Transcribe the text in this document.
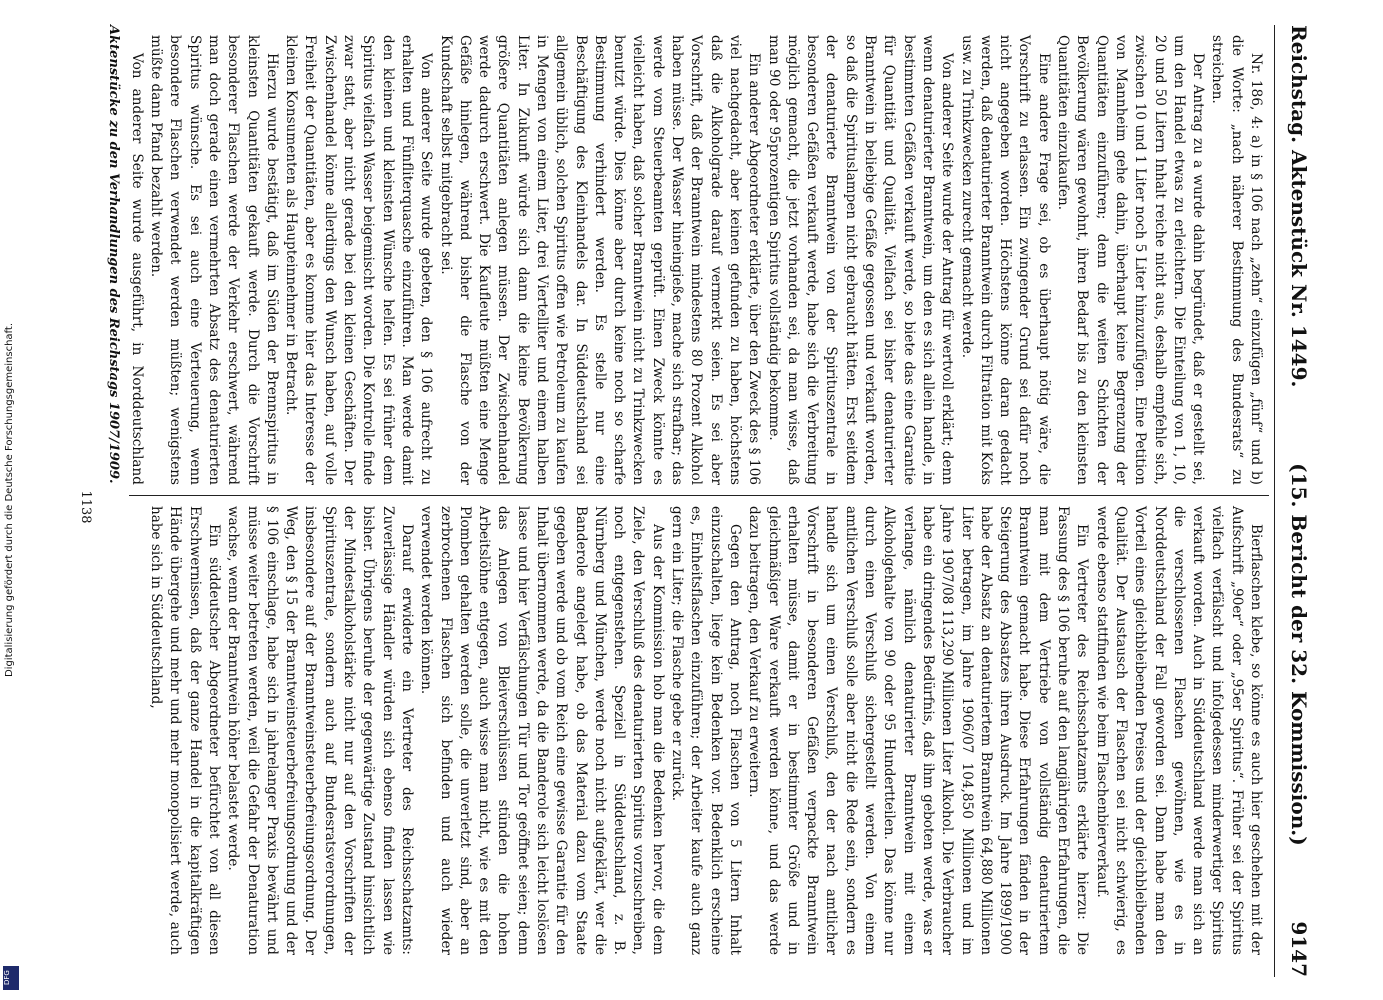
Digitalisierung gefördert durch die Deutsche Forschungsgemeinschaft.
DFG
Reichstag. Aktenstück Nr. 1449.
(15. Bericht der 32. Kommission.)
9147

Nr. 186, 4: a) in § 106 nach „zehn“ einzufügen „fünf“ und b) die Worte: „nach näherer Bestimmung des Bundesrats“ zu streichen.

Der Antrag zu a wurde dahin begründet, daß er gestellt sei, um den Handel etwas zu erleichtern. Die Einteilung von 1, 10, 20 und 50 Litern Inhalt reiche nicht aus, deshalb empfehle sich, zwischen 10 und 1 Liter noch 5 Liter hinzuzufügen. Eine Petition von Mannheim gehe dahin, überhaupt keine Begrenzung der Quantitäten einzuführen; denn die weiten Schichten der Bevölkerung wären gewohnt, ihren Bedarf bis zu den kleinsten Quantitäten einzukaufen.

Eine andere Frage sei, ob es überhaupt nötig wäre, die Vorschrift zu erlassen. Ein zwingender Grund sei dafür noch nicht angegeben worden. Höchstens könne daran gedacht werden, daß denaturierter Branntwein durch Filtration mit Koks usw. zu Trinkzwecken zurecht gemacht werde.

Von anderer Seite wurde der Antrag für wertvoll erklärt; denn wenn denaturierter Branntwein, um den es sich allein handle, in bestimmten Gefäßen verkauft werde, so biete das eine Garantie für Quantität und Qualität. Vielfach sei bisher denaturierter Branntwein in beliebige Gefäße gegossen und verkauft worden, so daß die Spirituslampen nicht gebraucht hätten. Erst seitdem der denaturierte Branntwein von der Spirituszentrale in besonderen Gefäßen verkauft werde, habe sich die Verbreitung möglich gemacht, die jetzt vorhanden sei, da man wisse, daß man 90 oder 95prozentigen Spiritus vollständig bekomme.

Ein anderer Abgeordneter erklärte, über den Zweck des § 106 viel nachgedacht, aber keinen gefunden zu haben, höchstens daß die Alkoholgrade darauf vermerkt seien. Es sei aber Vorschrift, daß der Branntwein mindestens 80 Prozent Alkohol haben müsse. Der Wasser hineingieße, mache sich strafbar; das werde vom Steuerbeamten geprüft. Einen Zweck könnte es vielleicht haben, daß solcher Branntwein nicht zu Trinkzwecken benutzt würde. Dies könne aber durch keine noch so scharfe Bestimmung verhindert werden. Es stelle nur eine Beschäftigung des Kleinhandels dar. In Süddeutschland sei allgemein üblich, solchen Spiritus offen wie Petroleum zu kaufen in Mengen von einem Liter, drei Viertelliter und einem halben Liter. In Zukunft würde sich dann die kleine Bevölkerung größere Quantitäten anlegen müssen. Der Zwischenhandel werde dadurch erschwert. Die Kaufleute müßten eine Menge Gefäße hinlegen, während bisher die Flasche von der Kundschaft selbst mitgebracht sei.

Von anderer Seite wurde gebeten, den § 106 aufrecht zu erhalten und Fünfliterquasche einzuführen. Man werde damit den kleinen und kleinsten Wünsche helfen. Es sei früher dem Spiritus vielfach Wasser beigemischt worden. Die Kontrolle finde zwar statt, aber nicht gerade bei den kleinen Geschäften. Der Zwischenhandel könne allerdings den Wunsch haben, auf volle Freiheit der Quantitäten, aber es komme hier das Interesse der kleinen Konsumenten als Haupteinnehmer in Betracht.

Hierzu wurde bestätigt, daß im Süden der Brennspiritus in kleinsten Quantitäten gekauft werde. Durch die Vorschrift besonderer Flaschen werde der Verkehr erschwert, während man doch gerade einen vermehrten Absatz des denaturierten Spiritus wünsche. Es sei auch eine Verteuerung, wenn besondere Flaschen verwendet werden müßten; wenigstens müßte dann Pfand bezahlt werden.

Von anderer Seite wurde ausgeführt, in Norddeutschland

Bierflaschen klebe, so könne es auch hier geschehen mit der Aufschrift „90er“ oder „95er Spiritus“. Früher sei der Spiritus vielfach verfälscht und infolgedessen minderwertiger Spiritus verkauft worden. Auch in Süddeutschland werde man sich an die verschlossenen Flaschen gewöhnen, wie es in Norddeutschland der Fall geworden sei. Dann habe man den Vorteil eines gleichbleibenden Preises und der gleichbleibenden Qualität. Der Austausch der Flaschen sei nicht schwierig, es werde ebenso stattfinden wie beim Flaschenbierverkauf.

Ein Vertreter des Reichsschatzamts erklärte hierzu: Die Fassung des § 106 beruhe auf den langjährigen Erfahrungen, die man mit dem Vertriebe von vollständig denaturiertem Branntwein gemacht habe. Diese Erfahrungen fänden in der Steigerung des Absatzes ihren Ausdruck. Im Jahre 1899/1900 habe der Absatz an denaturiertem Branntwein 64,880 Millionen Liter betragen, im Jahre 1906/07 104,850 Millionen und im Jahre 1907/08 113,290 Millionen Liter Alkohol. Die Verbraucher habe ein dringendes Bedürfnis, daß ihm geboten werde, was er verlange, nämlich denaturierter Branntwein mit einem Alkoholgehalte von 90 oder 95 Hundertteilen. Das könne nur durch einen Verschluß sichergestellt werden. Von einem amtlichen Verschluß solle aber nicht die Rede sein, sondern es handle sich um einen Verschluß, den der nach amtlicher Vorschrift in besonderen Gefäßen verpackte Branntwein erhalten müsse, damit er in bestimmter Größe und in gleichmäßiger Ware verkauft werden könne, und das werde dazu beitragen, den Verkauf zu erweitern.

Gegen den Antrag, noch Flaschen von 5 Litern Inhalt einzuschalten, liege kein Bedenken vor. Bedenklich erscheine es, Einheitsflaschen einzuführen; der Arbeiter kaufe auch ganz gern ein Liter; die Flasche gebe er zurück.

Aus der Kommission hob man die Bedenken hervor, die dem Ziele, den Verschluß des denaturierten Spiritus vorzuschreiben, noch entgegenstehen. Speziell in Süddeutschland, z. B. Nürnberg und München, werde noch nicht aufgeklärt, wer die Banderole angelegt habe, ob das Material dazu vom Staate gegeben werde und ob vom Reich eine gewisse Garantie für den Inhalt übernommen werde, da die Banderole sich leicht loslösen lasse und hier Verfälschungen Tür und Tor geöffnet seien; denn das Anlegen von Bleiverschlüssen stünden die hohen Arbeitslöhne entgegen, auch wisse man nicht, wie es mit den Plomben gehalten werden solle, die unverletzt sind, aber an zerbrochenen Flaschen sich befinden und auch wieder verwendet werden können.

Darauf erwiderte ein Vertreter des Reichsschatzamts: Zuverlässige Händler würden sich ebenso finden lassen wie bisher. Übrigens beruhe der gegenwärtige Zustand hinsichtlich der Mindestalkoholstärke nicht nur auf den Vorschriften der Spirituszentrale, sondern auch auf Bundesratsverordnungen, insbesondere auf der Branntweinsteuerbefreiungsordnung. Der Weg, den § 15 der Branntweinsteuerbefreiungsordnung und der § 106 einschlage, habe sich in jahrelanger Praxis bewährt und müsse weiter betreten werden, weil die Gefahr der Denaturation wachse, wenn der Branntwein höher belastet werde.

Ein süddeutscher Abgeordneter befürchtet von all diesen Erschwernissen, daß der ganze Handel in die kapitalkräftigen Hände übergehe und mehr und mehr monopolisiert werde, auch habe sich in Süddeutschland,

Aktenstücke zu den Verhandlungen des Reichstags 1907/1909.
1138
